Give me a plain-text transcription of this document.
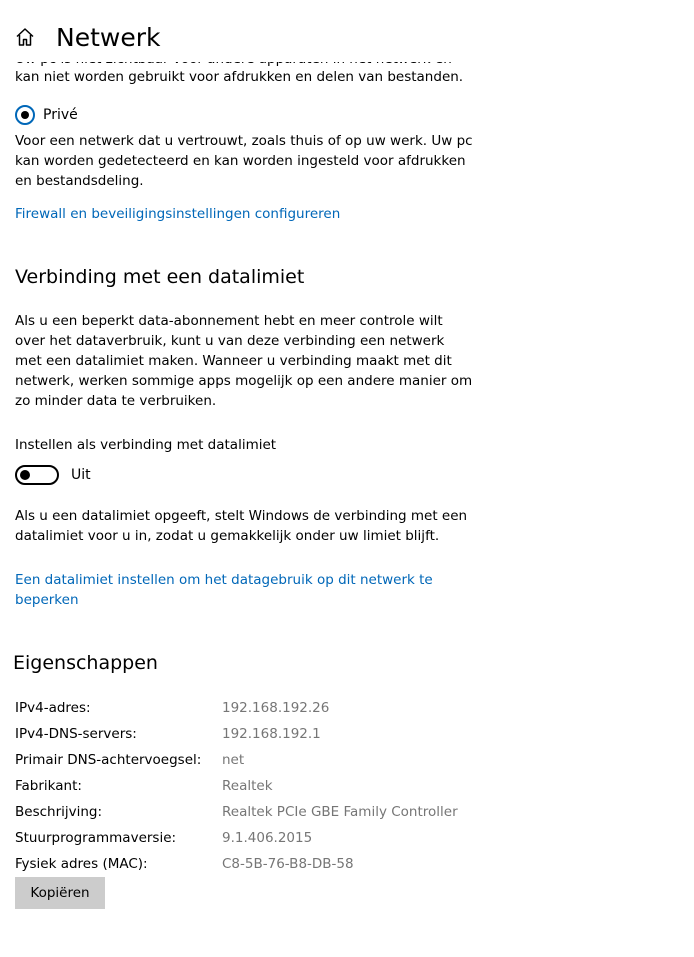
kan niet worden gebruikt voor afdrukken en delen van bestanden.
Privé
Voor een netwerk dat u vertrouwt, zoals thuis of op uw werk. Uw pc kan worden gedetecteerd en kan worden ingesteld voor afdrukken en bestandsdeling.
Firewall en beveiligingsinstellingen configureren
Verbinding met een datalimiet
Als u een beperkt data-abonnement hebt en meer controle wilt over het dataverbruik, kunt u van deze verbinding een netwerk met een datalimiet maken. Wanneer u verbinding maakt met dit netwerk, werken sommige apps mogelijk op een andere manier om zo minder data te verbruiken.
Instellen als verbinding met datalimiet
Uit
Als u een datalimiet opgeeft, stelt Windows de verbinding met een datalimiet voor u in, zodat u gemakkelijk onder uw limiet blijft.
Een datalimiet instellen om het datagebruik op dit netwerk te beperken
Eigenschappen
IPv4-adres:	192.168.192.26
IPv4-DNS-servers:	192.168.192.1
Primair DNS-achtervoegsel:	net
Fabrikant:	Realtek
Beschrijving:	Realtek PCIe GBE Family Controller
Stuurprogrammaversie:	9.1.406.2015
Fysiek adres (MAC):	C8-5B-76-B8-DB-58
Kopiëren
Netwerk
